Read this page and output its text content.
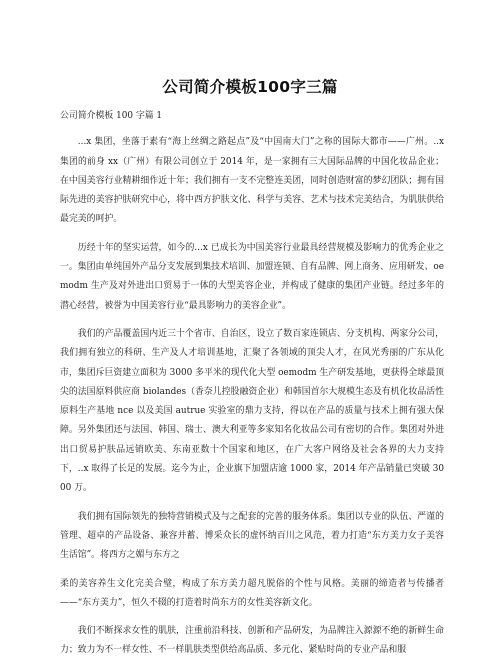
公司简介模板100字三篇

公司简介模板 100 字篇 1

...x 集团，坐落于素有“海上丝绸之路起点”及“中国南大门”之称的国际大都市——广州。..x 集团的前身 xx（广州）有限公司创立于 2014 年，是一家拥有三大国际品牌的中国化妆品企业；在中国美容行业精耕细作近十年；我们拥有一支不完整连美团，同时创造财富的梦幻团队；拥有国际先进的美容护肤研究中心，将中西方护肤文化、科学与美容、艺术与技术完美结合，为肌肤供给最完美的呵护。

历经十年的坚实运营，如今的...x 已成长为中国美容行业最具经营规模及影响力的优秀企业之一。集团由单纯国外产品分支发展到集技术培训、加盟连锁、自有品牌、网上商务、应用研发、oemodm 生产及对外进出口贸易于一体的大型美容企业，并构成了健康的集团产业链。经过多年的潜心经营，被誉为中国美容行业“最具影响力的美容企业”。

我们的产品覆盖国内近三十个省市、自治区，设立了数百家连锁店、分支机构、两家分公司，我们拥有独立的科研、生产及人才培训基地，汇聚了各领域的顶尖人才，在风光秀丽的广东从化市，集团斥巨资建立面积为 3000 多平米的现代化大型 oemodm 生产研发基地，更获得全球最顶尖的法国原料供应商 biolandes（香奈儿控股融资企业）和韩国首尔大规模生态及有机化妆品活性原料生产基地 nce 以及美国 autrue 实验室的鼎力支持，得以在产品的质量与技术上拥有强大保障。另外集团还与法国、韩国、瑞士、澳大利亚等多家知名化妆品公司有密切的合作。集团对外进出口贸易护肤品远销欧美、东南亚数十个国家和地区，在广大客户网络及社会各界的大力支持下，..x 取得了长足的发展。迄今为止，企业旗下加盟店逾 1000 家，2014 年产品销量已突破 3000 万。

我们拥有国际领先的独特营销模式及与之配套的完善的服务体系。集团以专业的队伍、严谨的管理、超卓的产品设备、兼容并蓄、博采众长的虚怀纳百川之风范，着力打造“东方美力女子美容生活馆”。将西方之媚与东方之

柔的美容养生文化完美合璧，构成了东方美力超凡脱俗的个性与风格。美丽的缔造者与传播者——“东方美力”，恒久不辍的打造着时尚东方的女性美容新文化。

我们不断探求女性的肌肤，注重前沿科技、创新和产品研发，为品牌注入源源不绝的新鲜生命力；致力为不一样女性、不一样肌肤类型供给高品质、多元化、紧贴时尚的专业产品和服
